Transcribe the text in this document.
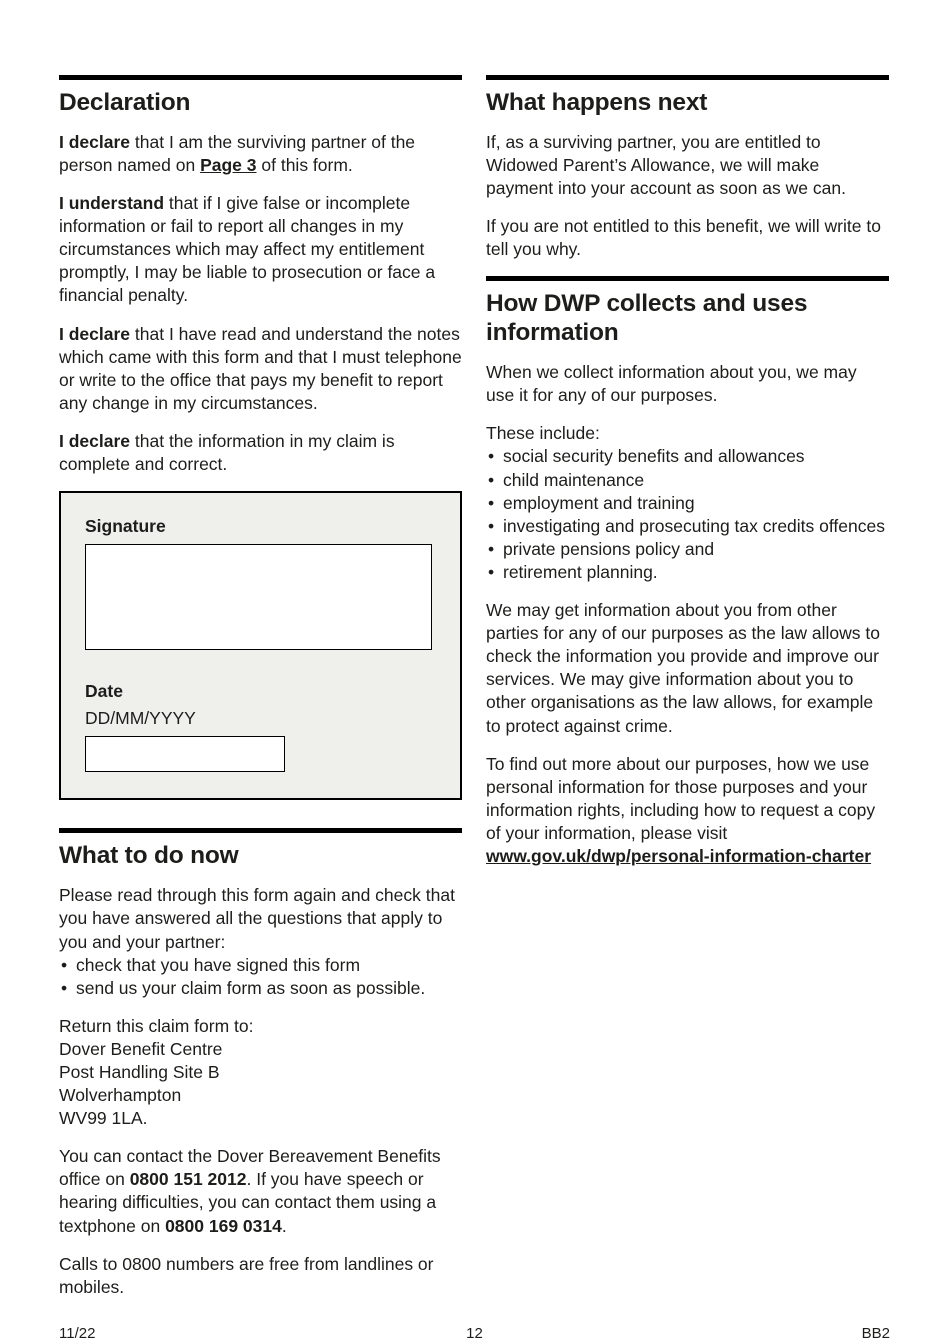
Declaration

I declare that I am the surviving partner of the person named on Page 3 of this form.

I understand that if I give false or incomplete information or fail to report all changes in my circumstances which may affect my entitlement promptly, I may be liable to prosecution or face a financial penalty.

I declare that I have read and understand the notes which came with this form and that I must telephone or write to the office that pays my benefit to report any change in my circumstances.

I declare that the information in my claim is complete and correct.

Signature

Date

DD/MM/YYYY

What to do now

Please read through this form again and check that you have answered all the questions that apply to you and your partner:

• check that you have signed this form
• send us your claim form as soon as possible.

Return this claim form to:

Dover Benefit Centre

Post Handling Site B

Wolverhampton

WV99 1LA.

You can contact the Dover Bereavement Benefits office on 0800 151 2012. If you have speech or hearing difficulties, you can contact them using a textphone on 0800 169 0314.

Calls to 0800 numbers are free from landlines or mobiles.

What happens next

If, as a surviving partner, you are entitled to Widowed Parent’s Allowance, we will make payment into your account as soon as we can.

If you are not entitled to this benefit, we will write to tell you why.

How DWP collects and uses information

When we collect information about you, we may use it for any of our purposes.

These include:

• social security benefits and allowances
• child maintenance
• employment and training
• investigating and prosecuting tax credits offences
• private pensions policy and
• retirement planning.

We may get information about you from other parties for any of our purposes as the law allows to check the information you provide and improve our services. We may give information about you to other organisations as the law allows, for example to protect against crime.

To find out more about our purposes, how we use personal information for those purposes and your information rights, including how to request a copy of your information, please visit www.gov.uk/dwp/personal-information-charter

11/22	12	BB2
